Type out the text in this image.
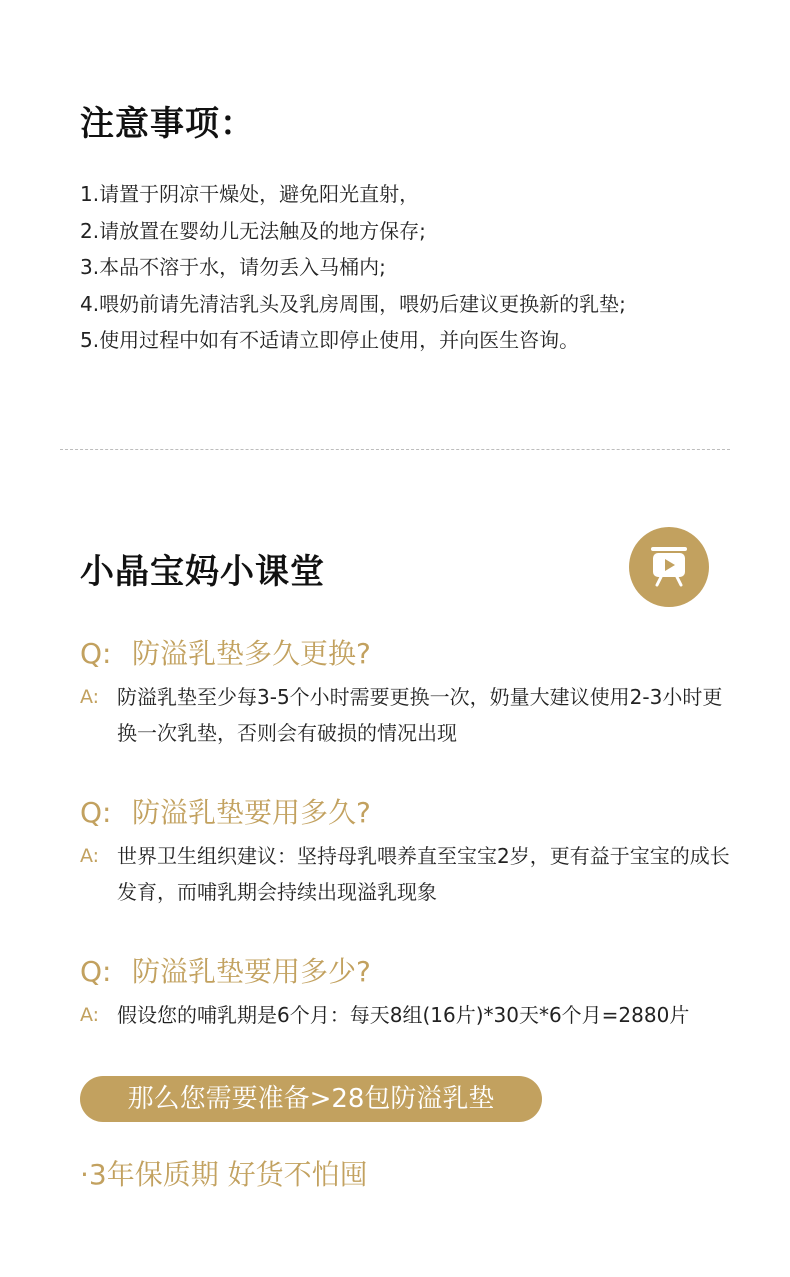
注意事项：
1.请置于阴凉干燥处，避免阳光直射，
2.请放置在婴幼儿无法触及的地方保存;
3.本品不溶于水，请勿丢入马桶内;
4.喂奶前请先清洁乳头及乳房周围，喂奶后建议更换新的乳垫;
5.使用过程中如有不适请立即停止使用，并向医生咨询。
小晶宝妈小课堂
Q: 防溢乳垫多久更换?
A: 防溢乳垫至少每3-5个小时需要更换一次，奶量大建议使用2-3小时更换一次乳垫，否则会有破损的情况出现
Q: 防溢乳垫要用多久?
A: 世界卫生组织建议：坚持母乳喂养直至宝宝2岁，更有益于宝宝的成长发育，而哺乳期会持续出现溢乳现象
Q: 防溢乳垫要用多少?
A: 假设您的哺乳期是6个月：每天8组(16片)*30天*6个月=2880片
那么您需要准备>28包防溢乳垫
·3年保质期 好货不怕囤
